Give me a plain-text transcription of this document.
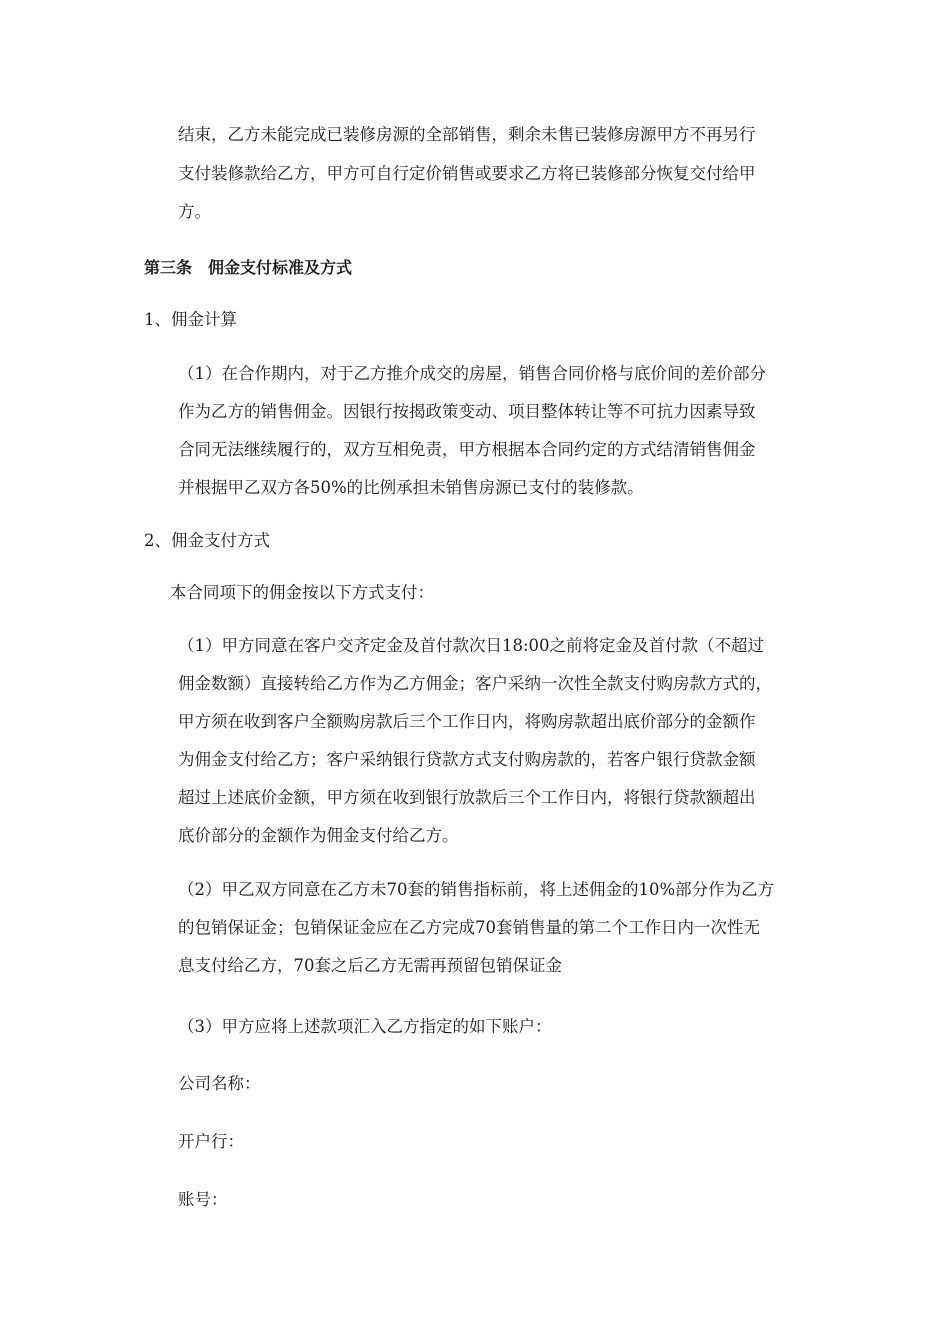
结束，乙方未能完成已装修房源的全部销售，剩余未售已装修房源甲方不再另行
支付装修款给乙方，甲方可自行定价销售或要求乙方将已装修部分恢复交付给甲
方。
第三条　佣金支付标准及方式
1、佣金计算
（1）在合作期内，对于乙方推介成交的房屋，销售合同价格与底价间的差价部分
作为乙方的销售佣金。因银行按揭政策变动、项目整体转让等不可抗力因素导致
合同无法继续履行的，双方互相免责，甲方根据本合同约定的方式结清销售佣金
并根据甲乙双方各50%的比例承担未销售房源已支付的装修款。
2、佣金支付方式
本合同项下的佣金按以下方式支付：
（1）甲方同意在客户交齐定金及首付款次日18:00之前将定金及首付款（不超过
佣金数额）直接转给乙方作为乙方佣金；客户采纳一次性全款支付购房款方式的，
甲方须在收到客户全额购房款后三个工作日内，将购房款超出底价部分的金额作
为佣金支付给乙方；客户采纳银行贷款方式支付购房款的，若客户银行贷款金额
超过上述底价金额，甲方须在收到银行放款后三个工作日内，将银行贷款额超出
底价部分的金额作为佣金支付给乙方。
（2）甲乙双方同意在乙方未70套的销售指标前，将上述佣金的10%部分作为乙方
的包销保证金；包销保证金应在乙方完成70套销售量的第二个工作日内一次性无
息支付给乙方，70套之后乙方无需再预留包销保证金
（3）甲方应将上述款项汇入乙方指定的如下账户：
公司名称：
开户行：
账号：
